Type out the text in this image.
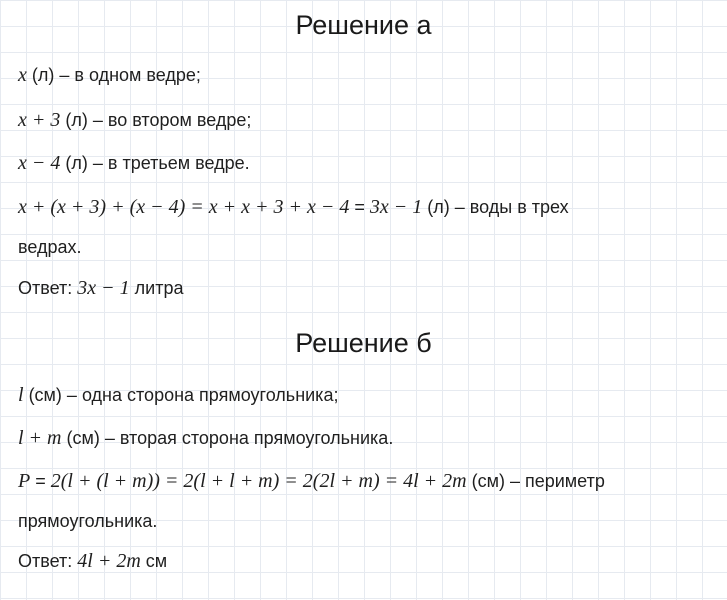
Решение а
x (л) – в одном ведре;
x + 3 (л) – во втором ведре;
x − 4 (л) – в третьем ведре.
x + (x + 3) + (x − 4) = x + x + 3 + x − 4 = 3x − 1 (л) – воды в трех
ведрах.
Ответ: 3x − 1 литра
Решение б
l (см) – одна сторона прямоугольника;
l + m (см) – вторая сторона прямоугольника.
P = 2(l + (l + m)) = 2(l + l + m) = 2(2l + m) = 4l + 2m (см) – периметр
прямоугольника.
Ответ: 4l + 2m см
